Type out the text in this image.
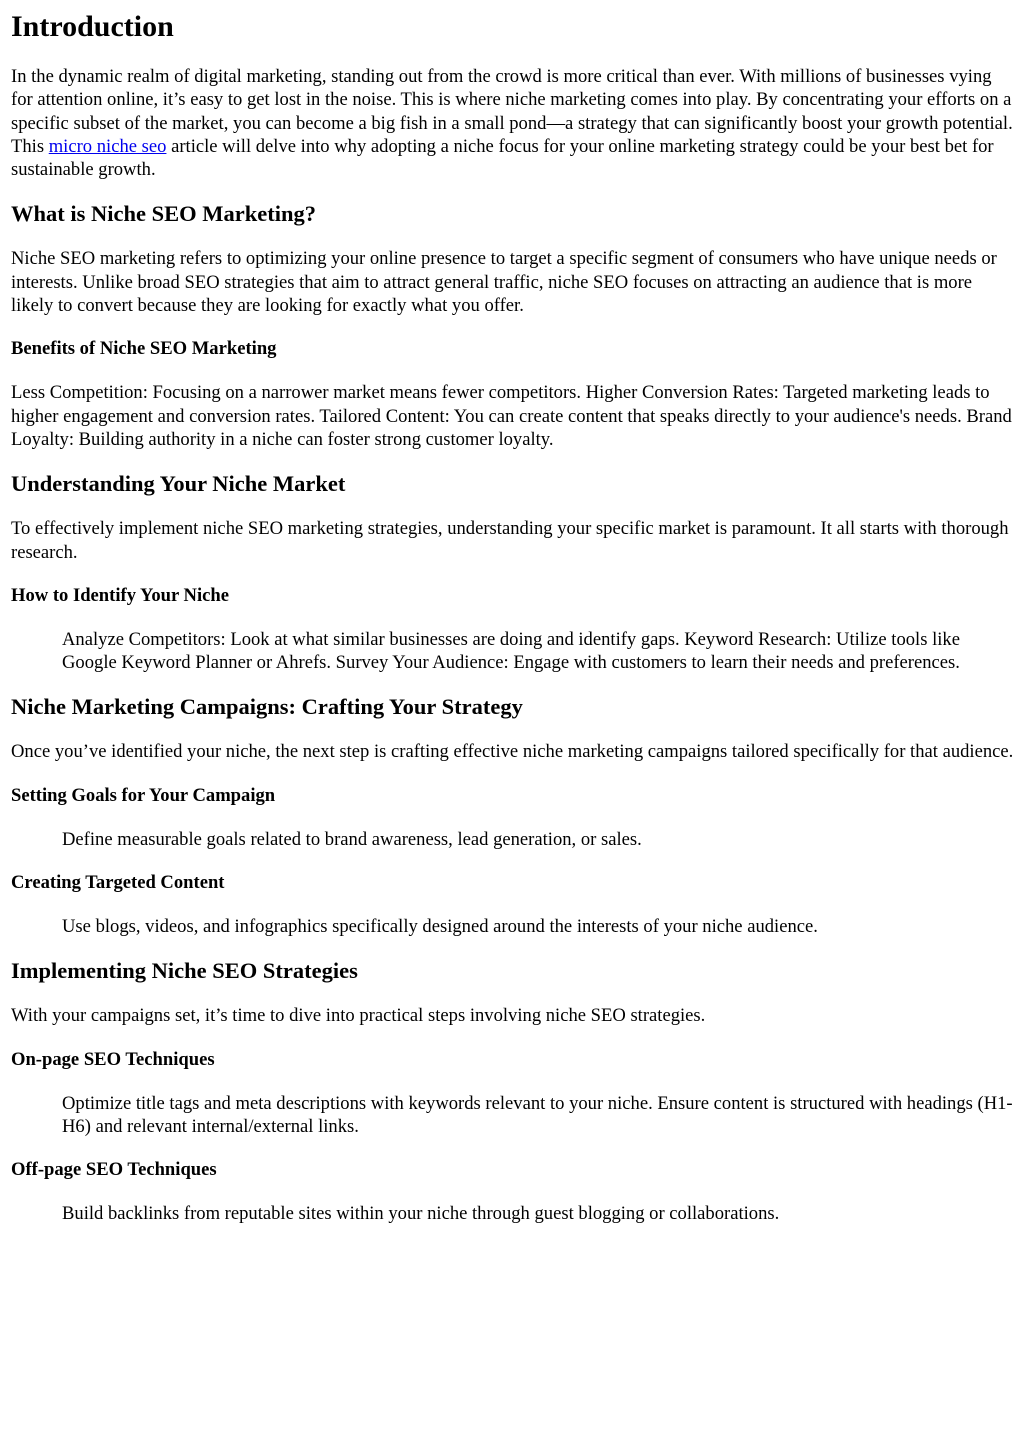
Introduction

In the dynamic realm of digital marketing, standing out from the crowd is more critical than ever. With millions of businesses vying for attention online, it’s easy to get lost in the noise. This is where niche marketing comes into play. By concentrating your efforts on a specific subset of the market, you can become a big fish in a small pond—a strategy that can significantly boost your growth potential. This micro niche seo article will delve into why adopting a niche focus for your online marketing strategy could be your best bet for sustainable growth.

What is Niche SEO Marketing?

Niche SEO marketing refers to optimizing your online presence to target a specific segment of consumers who have unique needs or interests. Unlike broad SEO strategies that aim to attract general traffic, niche SEO focuses on attracting an audience that is more likely to convert because they are looking for exactly what you offer.

Benefits of Niche SEO Marketing

Less Competition: Focusing on a narrower market means fewer competitors. Higher Conversion Rates: Targeted marketing leads to higher engagement and conversion rates. Tailored Content: You can create content that speaks directly to your audience's needs. Brand Loyalty: Building authority in a niche can foster strong customer loyalty.

Understanding Your Niche Market

To effectively implement niche SEO marketing strategies, understanding your specific market is paramount. It all starts with thorough research.

How to Identify Your Niche
Analyze Competitors: Look at what similar businesses are doing and identify gaps. Keyword Research: Utilize tools like Google Keyword Planner or Ahrefs. Survey Your Audience: Engage with customers to learn their needs and preferences.
Niche Marketing Campaigns: Crafting Your Strategy

Once you’ve identified your niche, the next step is crafting effective niche marketing campaigns tailored specifically for that audience.

Setting Goals for Your Campaign
Define measurable goals related to brand awareness, lead generation, or sales.
Creating Targeted Content
Use blogs, videos, and infographics specifically designed around the interests of your niche audience.
Implementing Niche SEO Strategies

With your campaigns set, it’s time to dive into practical steps involving niche SEO strategies.

On-page SEO Techniques
Optimize title tags and meta descriptions with keywords relevant to your niche. Ensure content is structured with headings (H1-H6) and relevant internal/external links.
Off-page SEO Techniques
Build backlinks from reputable sites within your niche through guest blogging or collaborations.
